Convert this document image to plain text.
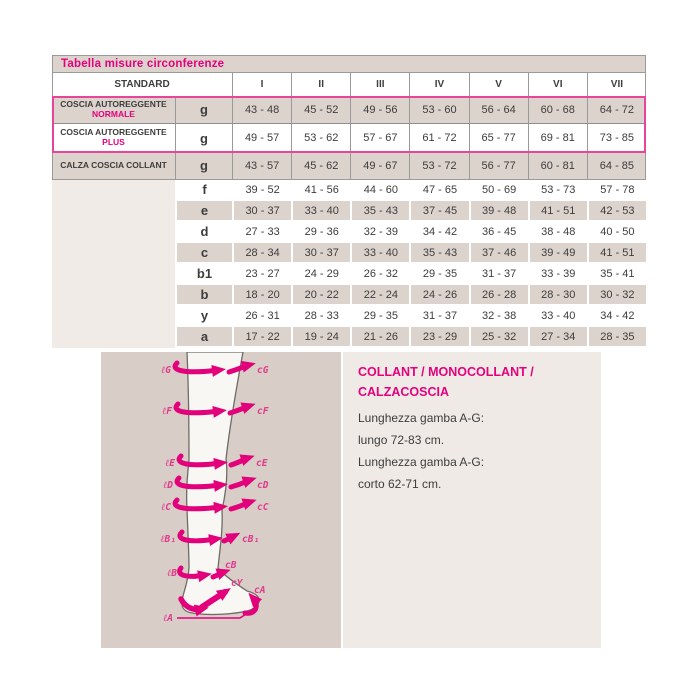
Tabella misure circonferenze
STANDARD	I	II	III	IV	V	VI	VII
COSCIA AUTOREGGENTE
NORMALE	g	43 - 48	45 - 52	49 - 56	53 - 60	56 - 64	60 - 68	64 - 72
COSCIA AUTOREGGENTE
PLUS	g	49 - 57	53 - 62	57 - 67	61 - 72	65 - 77	69 - 81	73 - 85
CALZA COSCIA COLLANT	g	43 - 57	45 - 62	49 - 67	53 - 72	56 - 77	60 - 81	64 - 85
f	39 - 52	41 - 56	44 - 60	47 - 65	50 - 69	53 - 73	57 - 78
e	30 - 37	33 - 40	35 - 43	37 - 45	39 - 48	41 - 51	42 - 53
d	27 - 33	29 - 36	32 - 39	34 - 42	36 - 45	38 - 48	40 - 50
c	28 - 34	30 - 37	33 - 40	35 - 43	37 - 46	39 - 49	41 - 51
b1	23 - 27	24 - 29	26 - 32	29 - 35	31 - 37	33 - 39	35 - 41
b	18 - 20	20 - 22	22 - 24	24 - 26	26 - 28	28 - 30	30 - 32
y	26 - 31	28 - 33	29 - 35	31 - 37	32 - 38	33 - 40	34 - 42
a	17 - 22	19 - 24	21 - 26	23 - 29	25 - 32	27 - 34	28 - 35
ℓG	cG
ℓF	cF
ℓE	cE
ℓD	cD
ℓC	cC
ℓB₁	cB₁
ℓB
cB
cY
cA
ℓA
COLLANT / MONOCOLLANT /
CALZACOSCIA
Lunghezza gamba A-G:
lungo 72-83 cm.
Lunghezza gamba A-G:
corto 62-71 cm.
